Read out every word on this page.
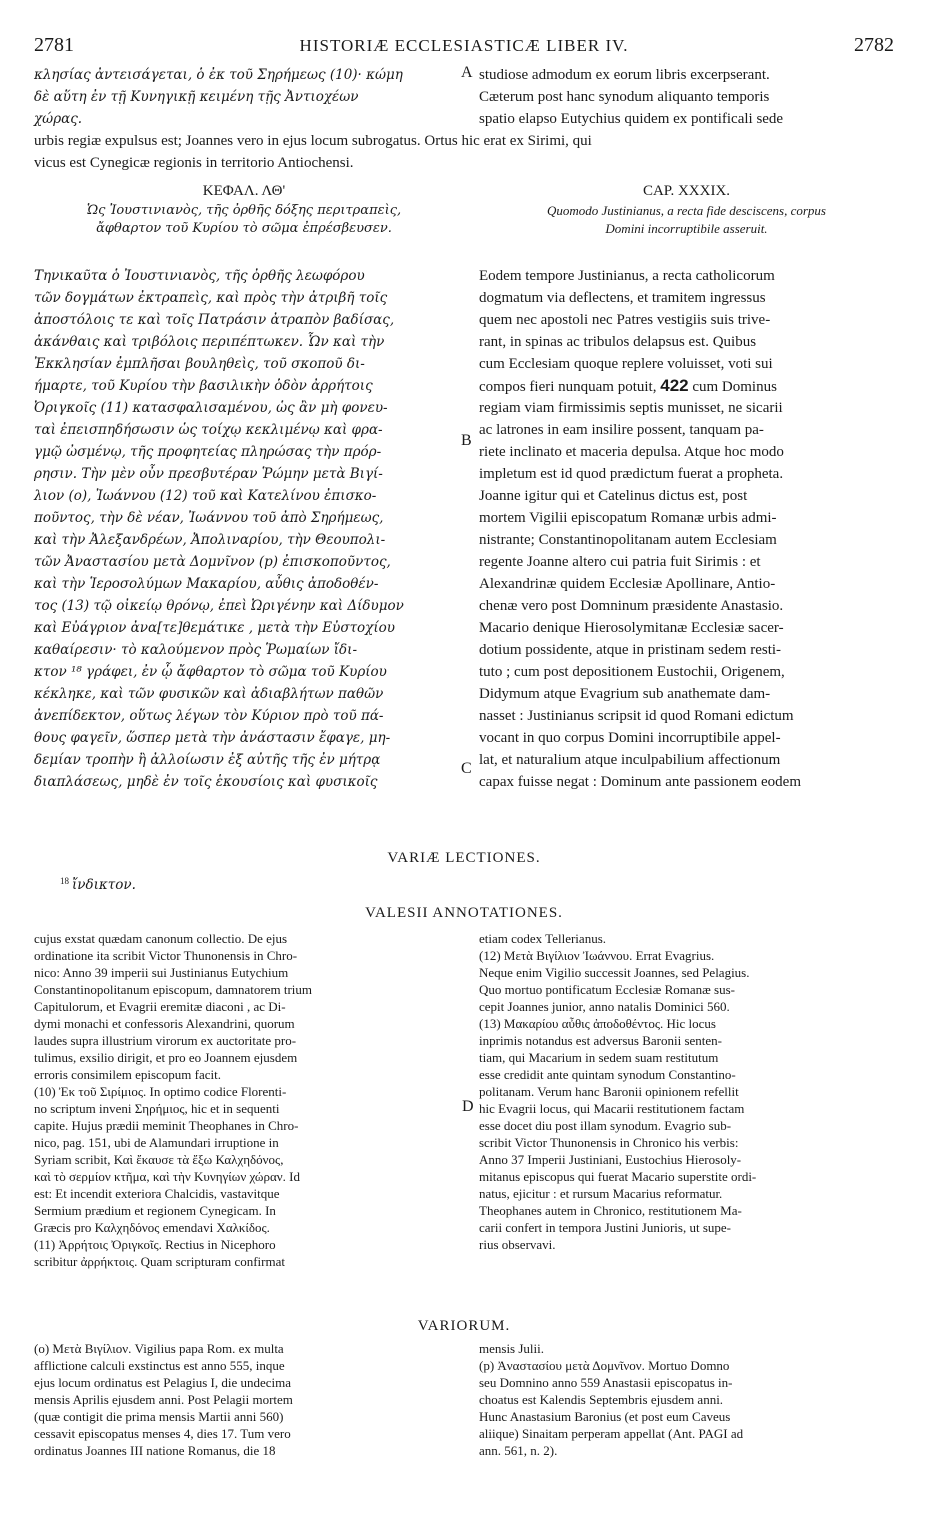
2781	HISTORIÆ ECCLESIASTICÆ LIBER IV.	2782
κλησίας ἀντεισάγεται, ὁ ἐκ τοῦ Σηρήμεως (10)· κώμη
δὲ αὕτη ἐν τῇ Κυνηγικῇ κειμένη τῇς Ἀντιοχέων
χώρας.
A studiose admodum ex eorum libris excerpserant.
Cæterum post hanc synodum aliquanto temporis
spatio elapso Eutychius quidem ex pontificali sede
urbis regiæ expulsus est; Joannes vero in ejus locum subrogatus. Ortus hic erat ex Sirimi, qui
vicus est Cynegicæ regionis in territorio Antiochensi.
ΚΕΦΑΛ. ΛΘ'
Ὡς Ἰουστινιανὸς, τῆς ὀρθῆς δόξης περιτραπεὶς,
ἄφθαρτον τοῦ Κυρίου τὸ σῶμα ἐπρέσβευσεν.
CAP. XXXIX.
Quomodo Justinianus, a recta fide desciscens, corpus
Domini incorruptibile asseruit.
Τηνικαῦτα ὁ Ἰουστινιανὸς, τῆς ὀρθῆς λεωφόρου
τῶν δογμάτων ἐκτραπεὶς, καὶ πρὸς τὴν ἀτριβῆ τοῖς
ἀποστόλοις τε καὶ τοῖς Πατράσιν ἀτραπὸν βαδίσας,
ἀκάνθαις καὶ τριβόλοις περιπέπτωκεν. Ὧν καὶ τὴν
Ἐκκλησίαν ἐμπλῆσαι βουληθεὶς, τοῦ σκοποῦ δι-
ήμαρτε, τοῦ Κυρίου τὴν βασιλικὴν ὁδὸν ἀρρήτοις
Ὀριγκοῖς (11) κατασφαλισαμένου, ὡς ἂν μὴ φονευ-
ταὶ ἐπεισπηδήσωσιν ὡς τοίχῳ κεκλιμένῳ καὶ φρα-
γμῷ ὠσμένῳ, τῆς προφητείας πληρώσας τὴν πρόρ-
ρησιν. Τὴν μὲν οὖν πρεσβυτέραν Ῥώμην μετὰ Βιγί-
λιον (o), Ἰωάννου (12) τοῦ καὶ Κατελίνου ἐπισκο-
ποῦντος, τὴν δὲ νέαν, Ἰωάννου τοῦ ἀπὸ Σηρήμεως,
καὶ τὴν Ἀλεξανδρέων, Ἀπολιναρίου, τὴν Θεουπολι-
τῶν Ἀναστασίου μετὰ Δομνῖνον (p) ἐπισκοποῦντος,
καὶ τὴν Ἱεροσολύμων Μακαρίου, αὖθις ἀποδοθέν-
τος (13) τῷ οἰκείῳ θρόνῳ, ἐπεὶ Ὠριγένην καὶ Δίδυμον
καὶ Εὐάγριον ἀνα[τε]θεμάτικε , μετὰ τὴν Εὐστοχίου
καθαίρεσιν· τὸ καλούμενον πρὸς Ῥωμαίων ἴδι-
κτον ¹⁸ γράφει, ἐν ᾧ ἄφθαρτον τὸ σῶμα τοῦ Κυρίου
κέκληκε, καὶ τῶν φυσικῶν καὶ ἀδιαβλήτων παθῶν
ἀνεπίδεκτον, οὕτως λέγων τὸν Κύριον πρὸ τοῦ πά-
θους φαγεῖν, ὥσπερ μετὰ τὴν ἀνάστασιν ἔφαγε, μη-
δεμίαν τροπὴν ἢ ἀλλοίωσιν ἐξ αὐτῆς τῆς ἐν μήτρᾳ
διαπλάσεως, μηδὲ ἐν τοῖς ἑκουσίοις καὶ φυσικοῖς
Eodem tempore Justinianus, a recta catholicorum
dogmatum via deflectens, et tramitem ingressus
quem nec apostoli nec Patres vestigiis suis trive-
rant, in spinas ac tribulos delapsus est. Quibus
cum Ecclesiam quoque replere voluisset, voti sui
compos fieri nunquam potuit, 422 cum Dominus
regiam viam firmissimis septis munisset, ne sicarii
ac latrones in eam insilire possent, tanquam pa-
riete inclinato et maceria depulsa. Atque hoc modo
impletum est id quod prædictum fuerat a propheta.
Joanne igitur qui et Catelinus dictus est, post
mortem Vigilii episcopatum Romanæ urbis admi-
nistrante; Constantinopolitanam autem Ecclesiam
regente Joanne altero cui patria fuit Sirimis : et
Alexandrinæ quidem Ecclesiæ Apollinare, Antio-
chenæ vero post Domninum præsidente Anastasio.
Macario denique Hierosolymitanæ Ecclesiæ sacer-
dotium possidente, atque in pristinam sedem resti-
tuto ; cum post depositionem Eustochii, Origenem,
Didymum atque Evagrium sub anathemate dam-
nasset : Justinianus scripsit id quod Romani edictum
vocant in quo corpus Domini incorruptibile appel-
lat, et naturalium atque inculpabilium affectionum
capax fuisse negat : Dominum ante passionem eodem
B
C
VARIÆ LECTIONES.
$^{18}$ ἴνδικτον.
VALESII ANNOTATIONES.
cujus exstat quædam canonum collectio. De ejus
ordinatione ita scribit Victor Thunonensis in Chro-
nico: Anno 39 imperii sui Justinianus Eutychium
Constantinopolitanum episcopum, damnatorem trium
Capitulorum, et Evagrii eremitæ diaconi , ac Di-
dymi monachi et confessoris Alexandrini, quorum
laudes supra illustrium virorum ex auctoritate pro-
tulimus, exsilio dirigit, et pro eo Joannem ejusdem
erroris consimilem episcopum facit.
(10) Ἐκ τοῦ Σιρίμιος. In optimo codice Florenti-
no scriptum inveni Σηρήμιος, hic et in sequenti
capite. Hujus prædii meminit Theophanes in Chro-
nico, pag. 151, ubi de Alamundari irruptione in
Syriam scribit, Καὶ ἔκαυσε τὰ ἔξω Καλχηδόνος,
καὶ τὸ σερμίον κτῆμα, καὶ τὴν Κυνηγίων χώραν. Id
est: Et incendit exteriora Chalcidis, vastavitque
Sermium prædium et regionem Cynegicam. In
Græcis pro Καλχηδόνος emendavi Χαλκίδος.
(11) Ἀρρήτοις Ὀριγκοῖς. Rectius in Nicephoro
scribitur ἀρρήκτοις. Quam scripturam confirmat
etiam codex Tellerianus.
(12) Μετὰ Βιγίλιον Ἰωάννου. Errat Evagrius.
Neque enim Vigilio successit Joannes, sed Pelagius.
Quo mortuo pontificatum Ecclesiæ Romanæ sus-
cepit Joannes junior, anno natalis Dominici 560.
(13) Μακαρίου αὖθις ἀποδοθέντος. Hic locus
inprimis notandus est adversus Baronii senten-
tiam, qui Macarium in sedem suam restitutum
esse credidit ante quintam synodum Constantino-
politanam. Verum hanc Baronii opinionem refellit
hic Evagrii locus, qui Macarii restitutionem factam
esse docet diu post illam synodum. Evagrio sub-
scribit Victor Thunonensis in Chronico his verbis:
Anno 37 Imperii Justiniani, Eustochius Hierosoly-
mitanus episcopus qui fuerat Macario superstite ordi-
natus, ejicitur : et rursum Macarius reformatur.
Theophanes autem in Chronico, restitutionem Ma-
carii confert in tempora Justini Junioris, ut supe-
rius observavi.
D
VARIORUM.
(o) Μετὰ Βιγίλιον. Vigilius papa Rom. ex multa
afflictione calculi exstinctus est anno 555, inque
ejus locum ordinatus est Pelagius I, die undecima
mensis Aprilis ejusdem anni. Post Pelagii mortem
(quæ contigit die prima mensis Martii anni 560)
cessavit episcopatus menses 4, dies 17. Tum vero
ordinatus Joannes III natione Romanus, die 18
mensis Julii.
(p) Ἀναστασίου μετὰ Δομνῖνον. Mortuo Domno
seu Domnino anno 559 Anastasii episcopatus in-
choatus est Kalendis Septembris ejusdem anni.
Hunc Anastasium Baronius (et post eum Caveus
aliique) Sinaitam perperam appellat (Ant. PAGI ad
ann. 561, n. 2).
